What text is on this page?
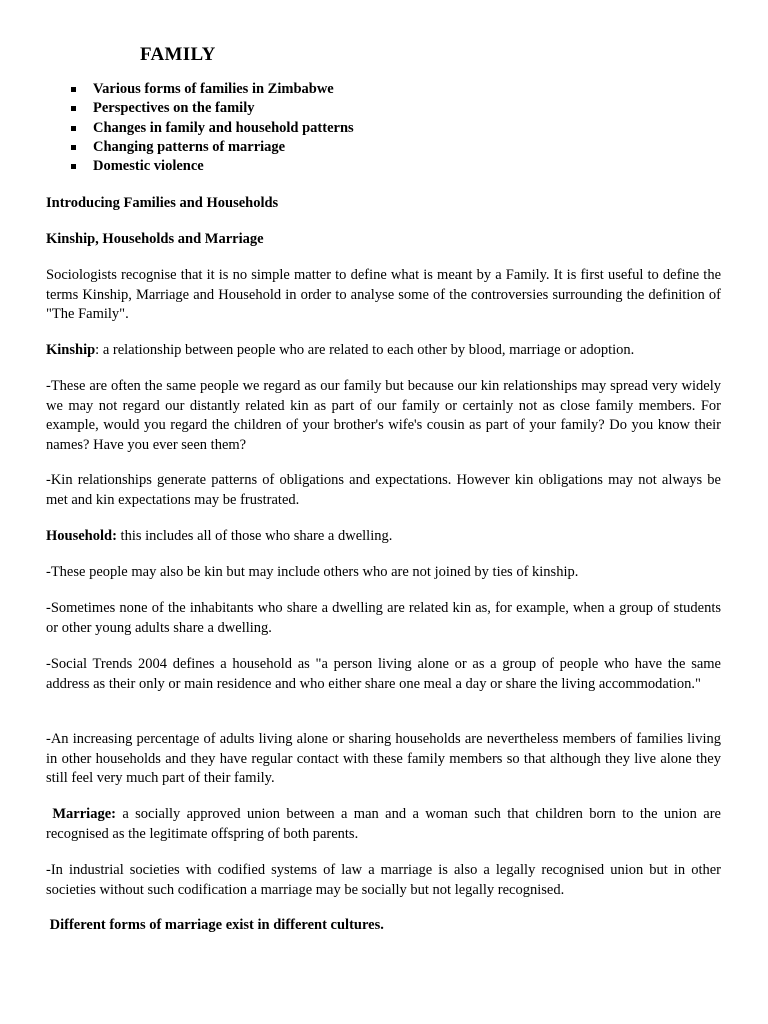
FAMILY
Various forms of families in Zimbabwe
Perspectives on the family
Changes in family and household patterns
Changing patterns of marriage
Domestic violence

Introducing Families and Households

Kinship, Households and Marriage

Sociologists recognise that it is no simple matter to define what is meant by a Family. It is first useful to define the terms Kinship, Marriage and Household in order to analyse some of the controversies surrounding the definition of "The Family".

Kinship: a relationship between people who are related to each other by blood, marriage or adoption.

-These are often the same people we regard as our family but because our kin relationships may spread very widely we may not regard our distantly related kin as part of our family or certainly not as close family members. For example, would you regard the children of your brother's wife's cousin as part of your family? Do you know their names? Have you ever seen them?

-Kin relationships generate patterns of obligations and expectations. However kin obligations may not always be met and kin expectations may be frustrated.

Household: this includes all of those who share a dwelling.

-These people may also be kin but may include others who are not joined by ties of kinship.

-Sometimes none of the inhabitants who share a dwelling are related kin as, for example, when a group of students or other young adults share a dwelling.

-Social Trends 2004 defines a household as "a person living alone or as a group of people who have the same address as their only or main residence and who either share one meal a day or share the living accommodation."

-An increasing percentage of adults living alone or sharing households are nevertheless members of families living in other households and they have regular contact with these family members so that although they live alone they still feel very much part of their family.

Marriage: a socially approved union between a man and a woman such that children born to the union are recognised as the legitimate offspring of both parents.

-In industrial societies with codified systems of law a marriage is also a legally recognised union but in other societies without such codification a marriage may be socially but not legally recognised.

Different forms of marriage exist in different cultures.
